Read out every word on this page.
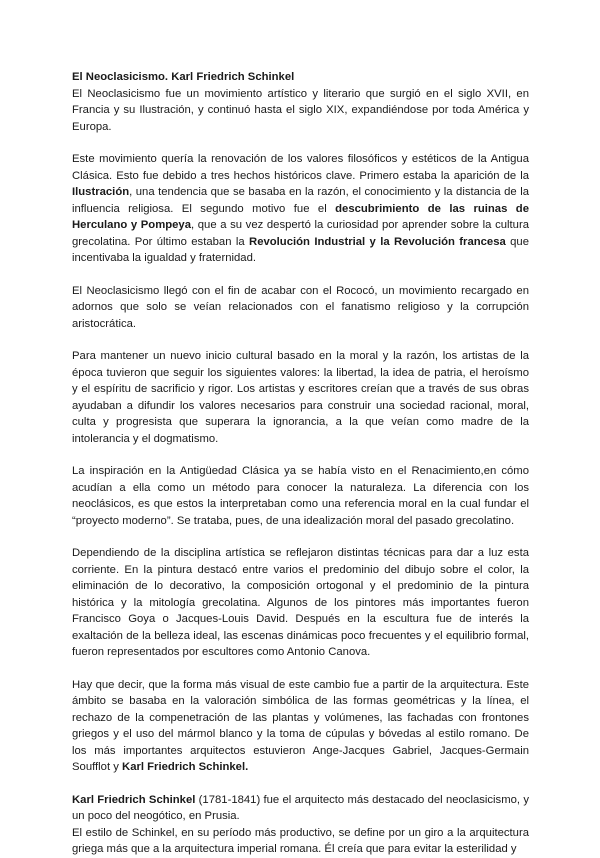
El Neoclasicismo. Karl Friedrich Schinkel

El Neoclasicismo fue un movimiento artístico y literario que surgió en el siglo XVII, en Francia y su Ilustración, y continuó hasta el siglo XIX, expandiéndose por toda América y Europa.

Este movimiento quería la renovación de los valores filosóficos y estéticos de la Antigua Clásica. Esto fue debido a tres hechos históricos clave. Primero estaba la aparición de la Ilustración, una tendencia que se basaba en la razón, el conocimiento y la distancia de la influencia religiosa. El segundo motivo fue el descubrimiento de las ruinas de Herculano y Pompeya, que a su vez despertó la curiosidad por aprender sobre la cultura grecolatina. Por último estaban la Revolución Industrial y la Revolución francesa que incentivaba la igualdad y fraternidad.

El Neoclasicismo llegó con el fin de acabar con el Rococó, un movimiento recargado en adornos que solo se veían relacionados con el fanatismo religioso y la corrupción aristocrática.

Para mantener un nuevo inicio cultural basado en la moral y la razón, los artistas de la época tuvieron que seguir los siguientes valores: la libertad, la idea de patria, el heroísmo y el espíritu de sacrificio y rigor. Los artistas y escritores creían que a través de sus obras ayudaban a difundir los valores necesarios para construir una sociedad racional, moral, culta y progresista que superara la ignorancia, a la que veían como madre de la intolerancia y el dogmatismo.

La inspiración en la Antigüedad Clásica ya se había visto en el Renacimiento,en cómo acudían a ella como un método para conocer la naturaleza. La diferencia con los neoclásicos, es que estos la interpretaban como una referencia moral en la cual fundar el “proyecto moderno”. Se trataba, pues, de una idealización moral del pasado grecolatino.

Dependiendo de la disciplina artística se reflejaron distintas técnicas para dar a luz esta corriente. En la pintura destacó entre varios el predominio del dibujo sobre el color, la eliminación de lo decorativo, la composición ortogonal y el predominio de la pintura histórica y la mitología grecolatina. Algunos de los pintores más importantes fueron Francisco Goya o Jacques-Louis David. Después en la escultura fue de interés la exaltación de la belleza ideal, las escenas dinámicas poco frecuentes y el equilibrio formal, fueron representados por escultores como Antonio Canova.

Hay que decir, que la forma más visual de este cambio fue a partir de la arquitectura. Este ámbito se basaba en la valoración simbólica de las formas geométricas y la línea, el rechazo de la compenetración de las plantas y volúmenes, las fachadas con frontones griegos y el uso del mármol blanco y la toma de cúpulas y bóvedas al estilo romano. De los más importantes arquitectos estuvieron Ange-Jacques Gabriel, Jacques-Germain Soufflot y Karl Friedrich Schinkel.

Karl Friedrich Schinkel (1781-1841) fue el arquitecto más destacado del neoclasicismo, y un poco del neogótico, en Prusia.

El estilo de Schinkel, en su período más productivo, se define por un giro a la arquitectura griega más que a la arquitectura imperial romana. Él creía que para evitar la esterilidad y
